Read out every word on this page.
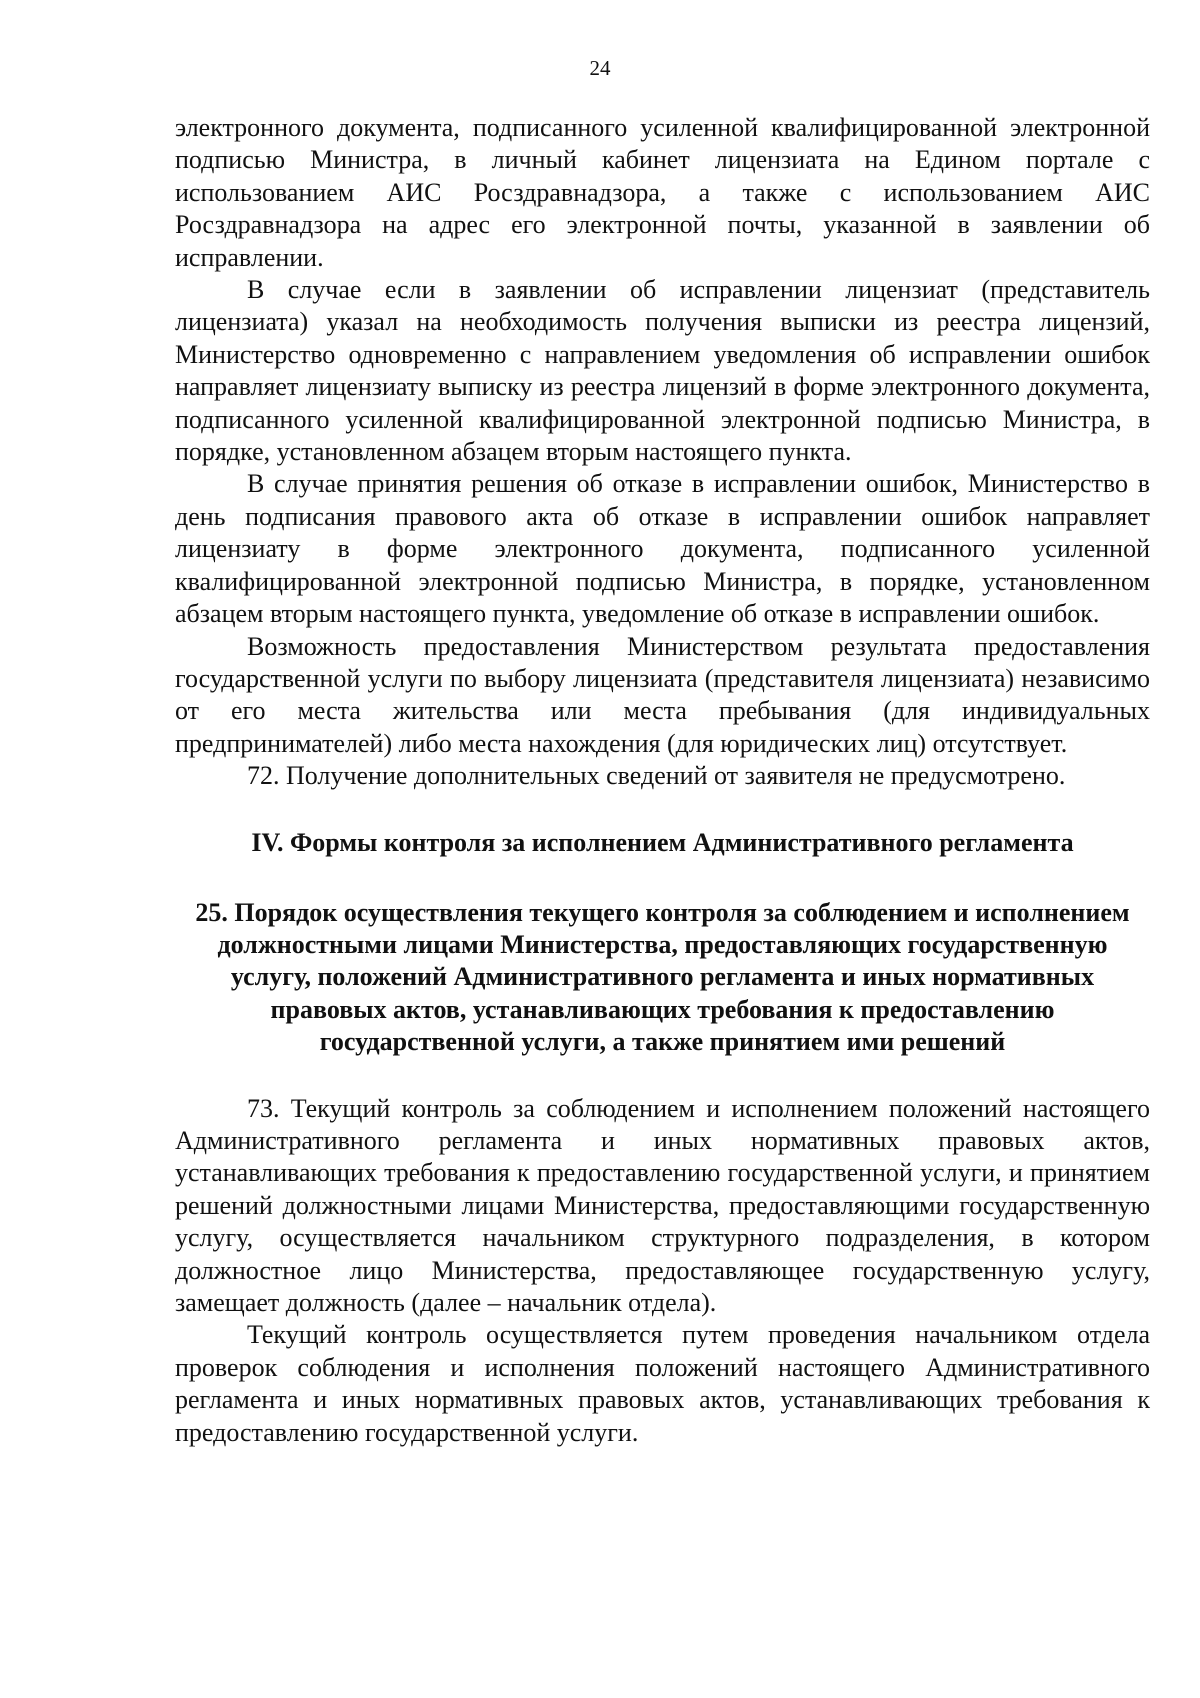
24

электронного документа, подписанного усиленной квалифицированной электронной подписью Министра, в личный кабинет лицензиата на Едином портале с использованием АИС Росздравнадзора, а также с использованием АИС Росздравнадзора на адрес его электронной почты, указанной в заявлении об исправлении.

В случае если в заявлении об исправлении лицензиат (представитель лицензиата) указал на необходимость получения выписки из реестра лицензий, Министерство одновременно с направлением уведомления об исправлении ошибок направляет лицензиату выписку из реестра лицензий в форме электронного документа, подписанного усиленной квалифицированной электронной подписью Министра, в порядке, установленном абзацем вторым настоящего пункта.

В случае принятия решения об отказе в исправлении ошибок, Министерство в день подписания правового акта об отказе в исправлении ошибок направляет лицензиату в форме электронного документа, подписанного усиленной квалифицированной электронной подписью Министра, в порядке, установленном абзацем вторым настоящего пункта, уведомление об отказе в исправлении ошибок.

Возможность предоставления Министерством результата предоставления государственной услуги по выбору лицензиата (представителя лицензиата) независимо от его места жительства или места пребывания (для индивидуальных предпринимателей) либо места нахождения (для юридических лиц) отсутствует.

72. Получение дополнительных сведений от заявителя не предусмотрено.

IV. Формы контроля за исполнением Административного регламента
25. Порядок осуществления текущего контроля за соблюдением и исполнением должностными лицами Министерства, предоставляющих государственную услугу, положений Административного регламента и иных нормативных правовых актов, устанавливающих требования к предоставлению государственной услуги, а также принятием ими решений

73. Текущий контроль за соблюдением и исполнением положений настоящего Административного регламента и иных нормативных правовых актов, устанавливающих требования к предоставлению государственной услуги, и принятием решений должностными лицами Министерства, предоставляющими государственную услугу, осуществляется начальником структурного подразделения, в котором должностное лицо Министерства, предоставляющее государственную услугу, замещает должность (далее – начальник отдела).

Текущий контроль осуществляется путем проведения начальником отдела проверок соблюдения и исполнения положений настоящего Административного регламента и иных нормативных правовых актов, устанавливающих требования к предоставлению государственной услуги.
